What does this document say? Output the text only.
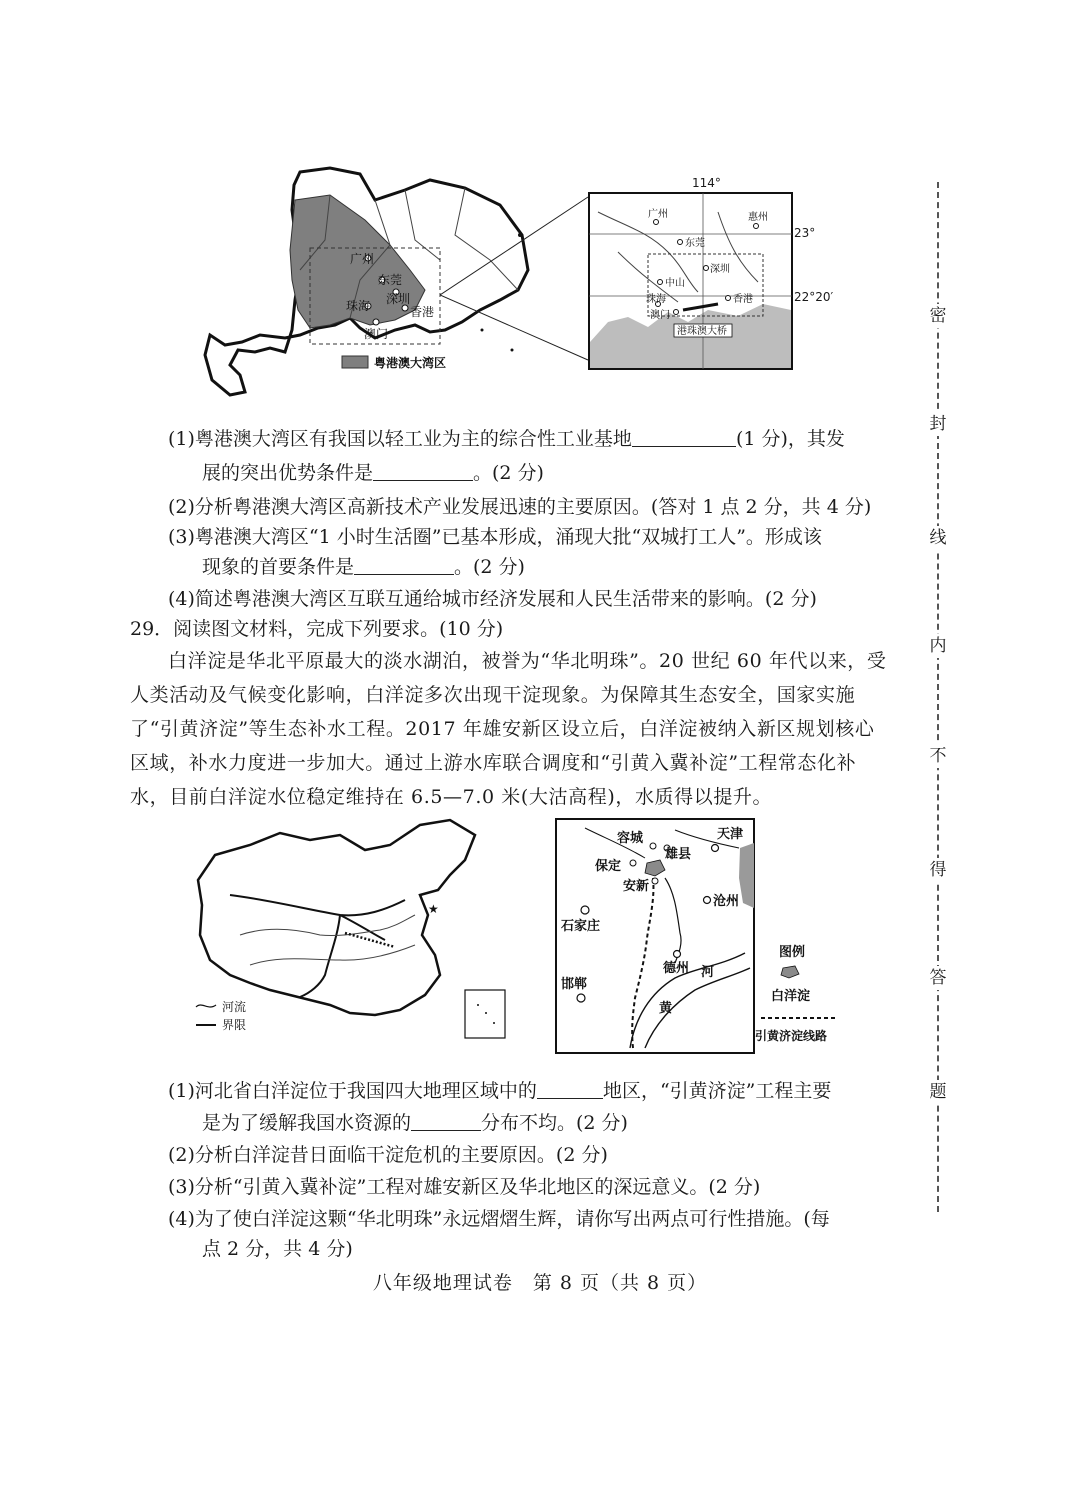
广州
东莞
深圳
珠海	香港
澳门
粤港澳大湾区
广州	惠州
东莞
深圳
中山
香港
珠海
澳门
港珠澳大桥
114°
23°
22°20′

(1)粤港澳大湾区有我国以轻工业为主的综合性工业基地	(1 分)，其发

展的突出优势条件是	。(2 分)

(2)分析粤港澳大湾区高新技术产业发展迅速的主要原因。(答对 1 点 2 分，共 4 分)

(3)粤港澳大湾区“1 小时生活圈”已基本形成，涌现大批“双城打工人”。形成该

现象的首要条件是	。(2 分)

(4)简述粤港澳大湾区互联互通给城市经济发展和人民生活带来的影响。(2 分)

29．阅读图文材料，完成下列要求。(10 分)

白洋淀是华北平原最大的淡水湖泊，被誉为“华北明珠”。20 世纪 60 年代以来，受人类活动及气候变化影响，白洋淀多次出现干淀现象。为保障其生态安全，国家实施了“引黄济淀”等生态补水工程。2017 年雄安新区设立后，白洋淀被纳入新区规划核心区域，补水力度进一步加大。通过上游水库联合调度和“引黄入冀补淀”工程常态化补水，目前白洋淀水位稳定维持在 6.5—7.0 米(大沽高程)，水质得以提升。

★
河流
界限
天津
容城
雄县
保定
安新
沧州
石家庄
德州
邯郸
河
黄
图例
白洋淀
引黄济淀线路

(1)河北省白洋淀位于我国四大地理区域中的	地区，“引黄济淀”工程主要

是为了缓解我国水资源的	分布不均。(2 分)

(2)分析白洋淀昔日面临干淀危机的主要原因。(2 分)

(3)分析“引黄入冀补淀”工程对雄安新区及华北地区的深远意义。(2 分)

(4)为了使白洋淀这颗“华北明珠”永远熠熠生辉，请你写出两点可行性措施。(每

点 2 分，共 4 分)

八年级地理试卷　第 8 页（共 8 页）
密
封
线
内
不
得
答
题
